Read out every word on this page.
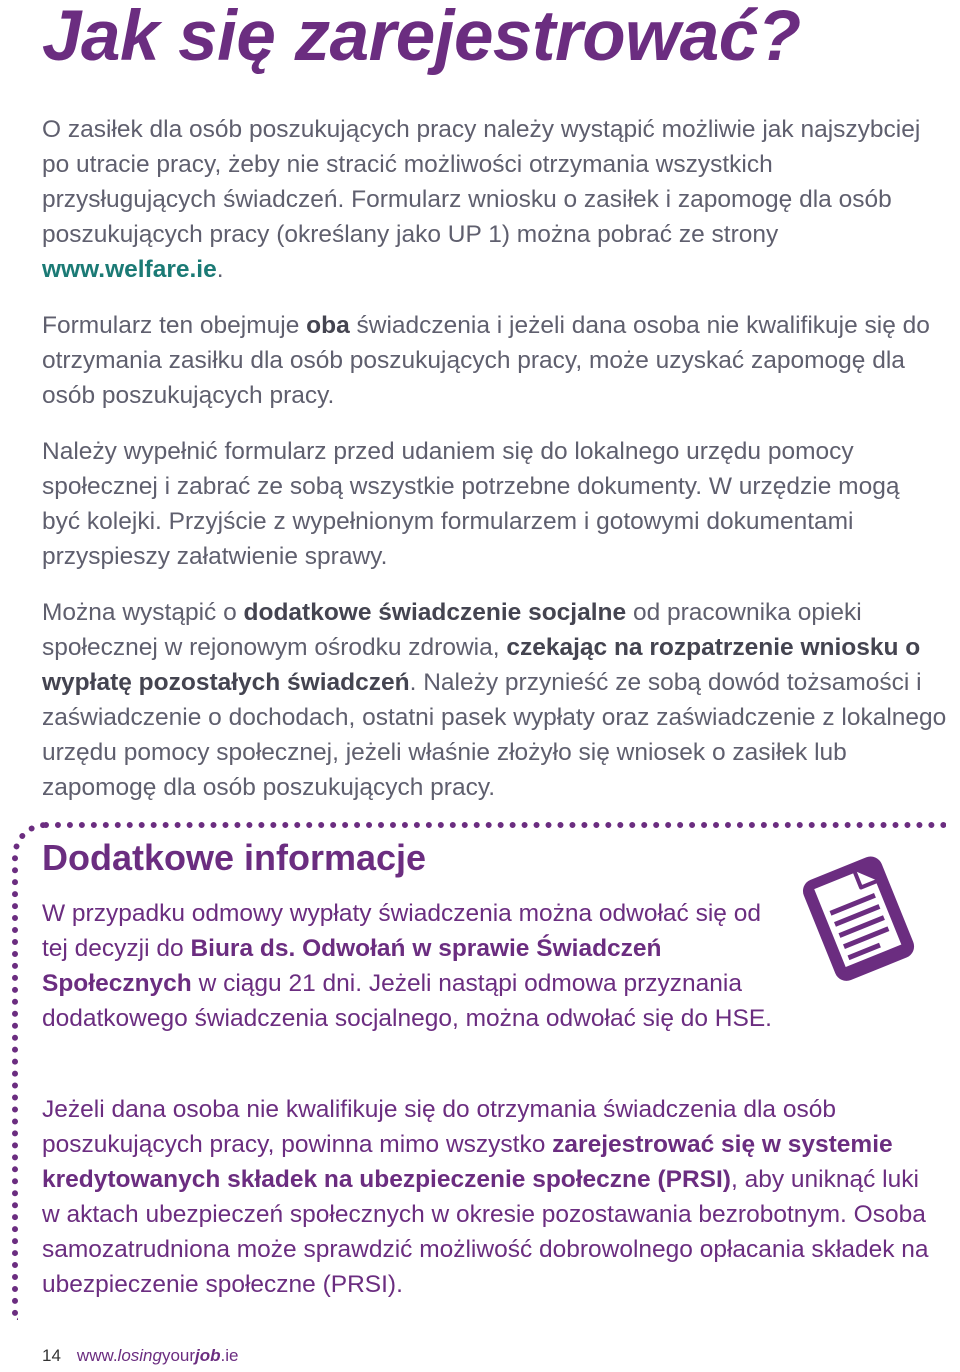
Jak się zarejestrować?

O zasiłek dla osób poszukujących pracy należy wystąpić możliwie jak najszybciej po utracie pracy, żeby nie stracić możliwości otrzymania wszystkich przysługujących świadczeń. Formularz wniosku o zasiłek i zapomogę dla osób poszukujących pracy (określany jako UP 1) można pobrać ze strony www.welfare.ie.

Formularz ten obejmuje oba świadczenia i jeżeli dana osoba nie kwalifikuje się do otrzymania zasiłku dla osób poszukujących pracy, może uzyskać zapomogę dla osób poszukujących pracy.

Należy wypełnić formularz przed udaniem się do lokalnego urzędu pomocy społecznej i zabrać ze sobą wszystkie potrzebne dokumenty. W urzędzie mogą być kolejki. Przyjście z wypełnionym formularzem i gotowymi dokumentami przyspieszy załatwienie sprawy.

Można wystąpić o dodatkowe świadczenie socjalne od pracownika opieki społecznej w rejonowym ośrodku zdrowia, czekając na rozpatrzenie wniosku o wypłatę pozostałych świadczeń. Należy przynieść ze sobą dowód tożsamości i zaświadczenie o dochodach, ostatni pasek wypłaty oraz zaświadczenie z lokalnego urzędu pomocy społecznej, jeżeli właśnie złożyło się wniosek o zasiłek lub zapomogę dla osób poszukujących pracy.

Dodatkowe informacje

W przypadku odmowy wypłaty świadczenia można odwołać się od tej decyzji do Biura ds. Odwołań w sprawie Świadczeń Społecznych w ciągu 21 dni. Jeżeli nastąpi odmowa przyznania dodatkowego świadczenia socjalnego, można odwołać się do HSE.

Jeżeli dana osoba nie kwalifikuje się do otrzymania świadczenia dla osób poszukujących pracy, powinna mimo wszystko zarejestrować się w systemie kredytowanych składek na ubezpieczenie społeczne (PRSI), aby uniknąć luki w aktach ubezpieczeń społecznych w okresie pozostawania bezrobotnym. Osoba samozatrudniona może sprawdzić możliwość dobrowolnego opłacania składek na ubezpieczenie społeczne (PRSI).

14 www.losingyourjob.ie
